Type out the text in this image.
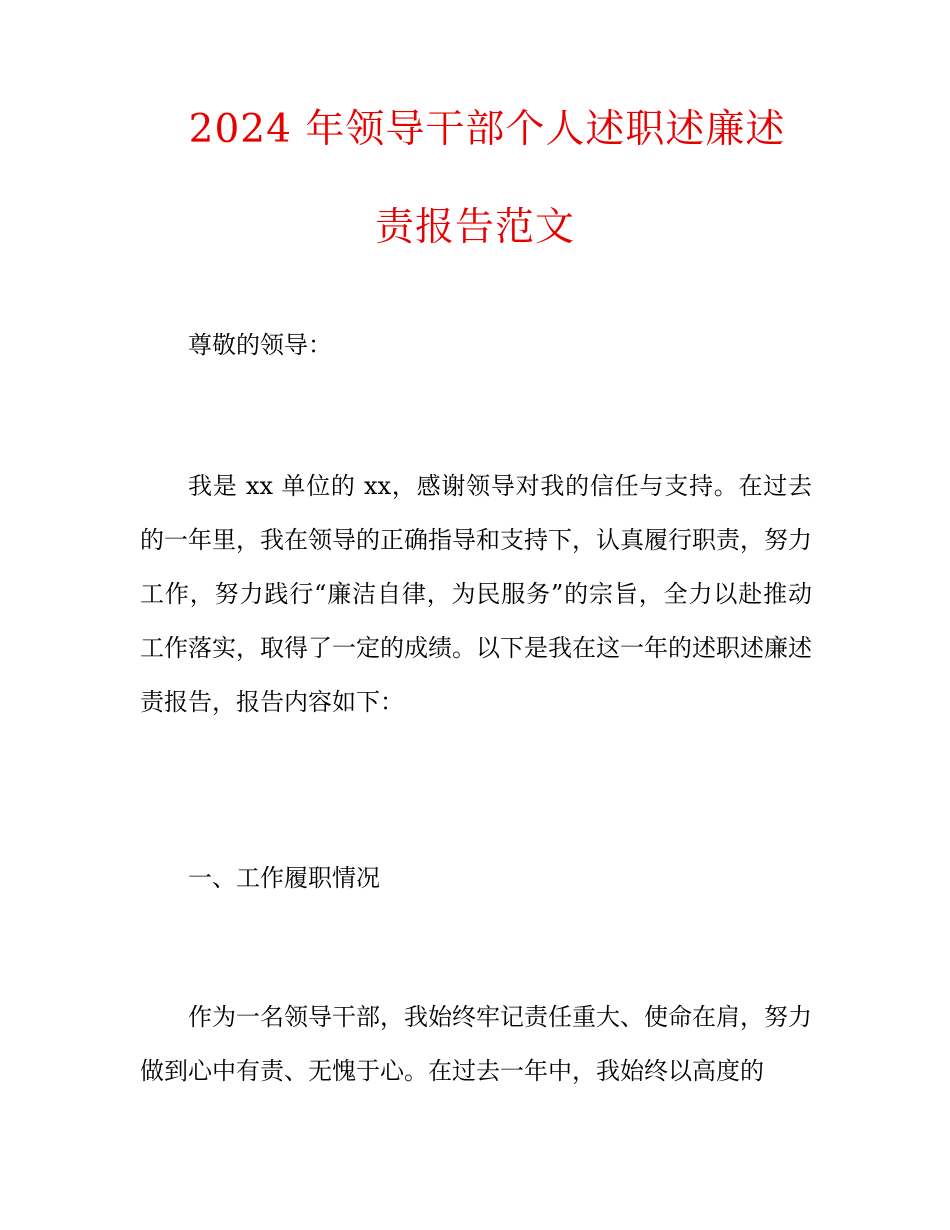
2024 年领导干部个人述职述廉述
责报告范文
尊敬的领导：
我是 xx 单位的 xx，感谢领导对我的信任与支持。在过去的一年里，我在领导的正确指导和支持下，认真履行职责，努力工作，努力践行“廉洁自律，为民服务”的宗旨，全力以赴推动工作落实，取得了一定的成绩。以下是我在这一年的述职述廉述责报告，报告内容如下：
一、工作履职情况
作为一名领导干部，我始终牢记责任重大、使命在肩，努力做到心中有责、无愧于心。在过去一年中，我始终以高度的
